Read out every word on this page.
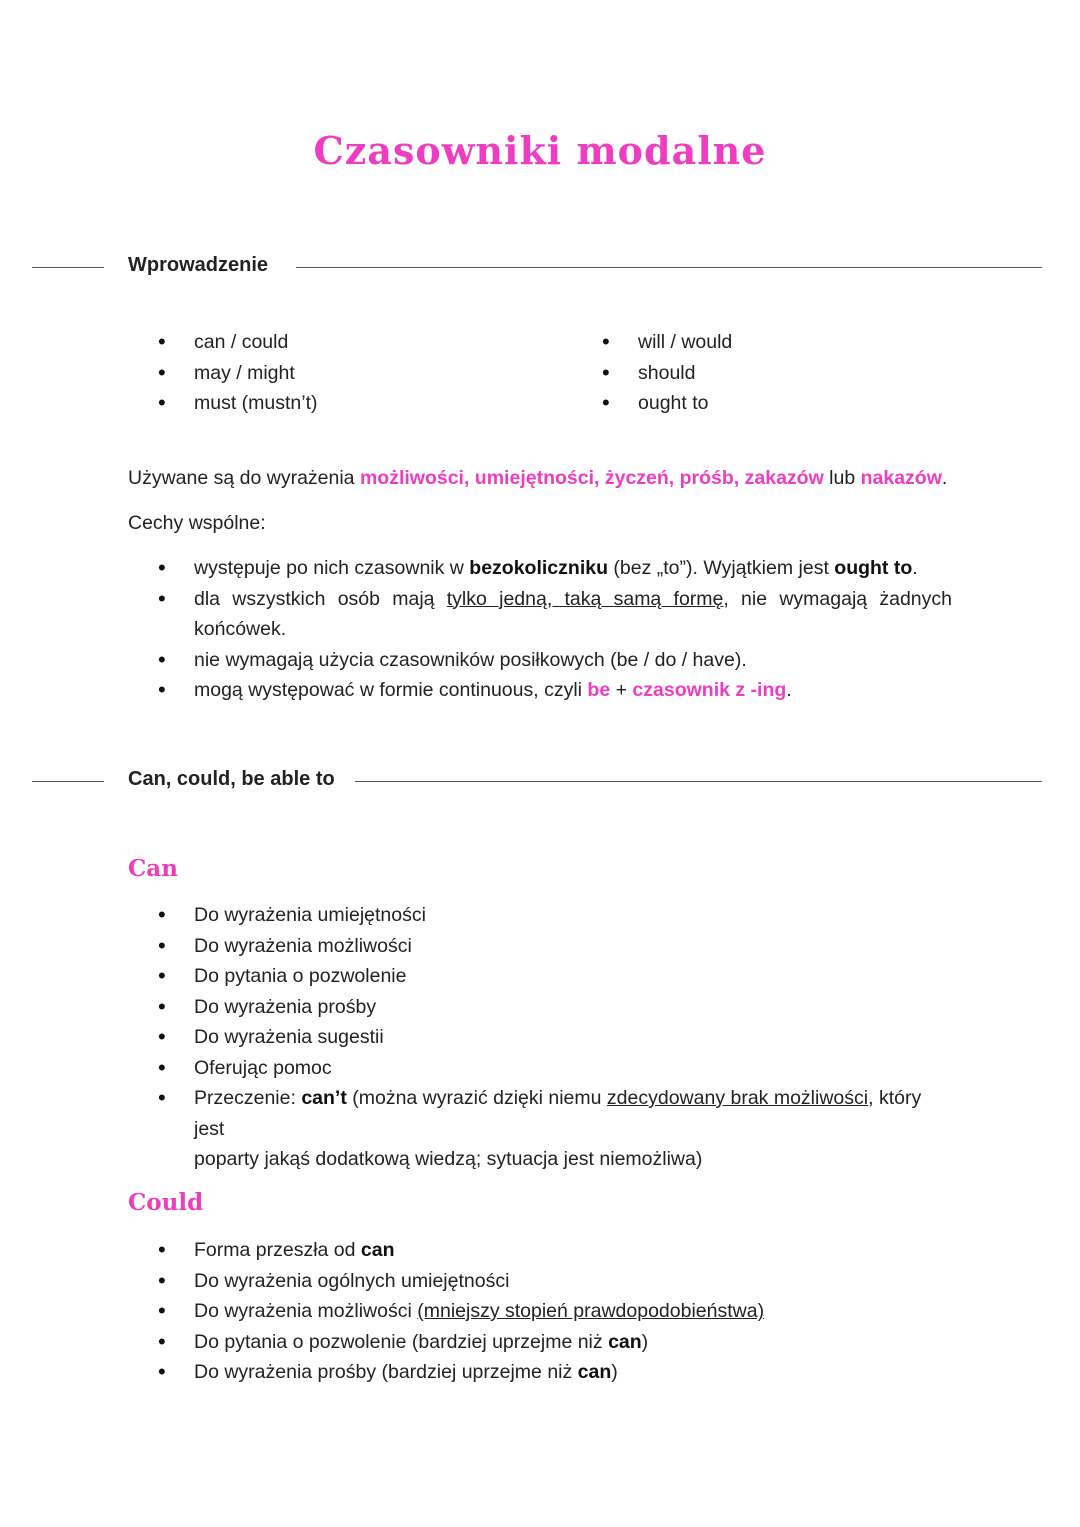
Czasowniki modalne
Wprowadzenie
• can / could
• may / might
• must (mustn’t)
• will / would
• should
• ought to
Używane są do wyrażenia możliwości, umiejętności, życzeń, próśb, zakazów lub nakazów.
Cechy wspólne:
• występuje po nich czasownik w bezokoliczniku (bez „to”). Wyjątkiem jest ought to.
• dla wszystkich osób mają tylko jedną, taką samą formę, nie wymagają żadnych
końcówek.
• nie wymagają użycia czasowników posiłkowych (be / do / have).
• mogą występować w formie continuous, czyli be + czasownik z -ing.
Can, could, be able to
Can
• Do wyrażenia umiejętności
• Do wyrażenia możliwości
• Do pytania o pozwolenie
• Do wyrażenia prośby
• Do wyrażenia sugestii
• Oferując pomoc
• Przeczenie: can’t (można wyrazić dzięki niemu zdecydowany brak możliwości, który jest
poparty jakąś dodatkową wiedzą; sytuacja jest niemożliwa)
Could
• Forma przeszła od can
• Do wyrażenia ogólnych umiejętności
• Do wyrażenia możliwości (mniejszy stopień prawdopodobieństwa)
• Do pytania o pozwolenie (bardziej uprzejme niż can)
• Do wyrażenia prośby (bardziej uprzejme niż can)
